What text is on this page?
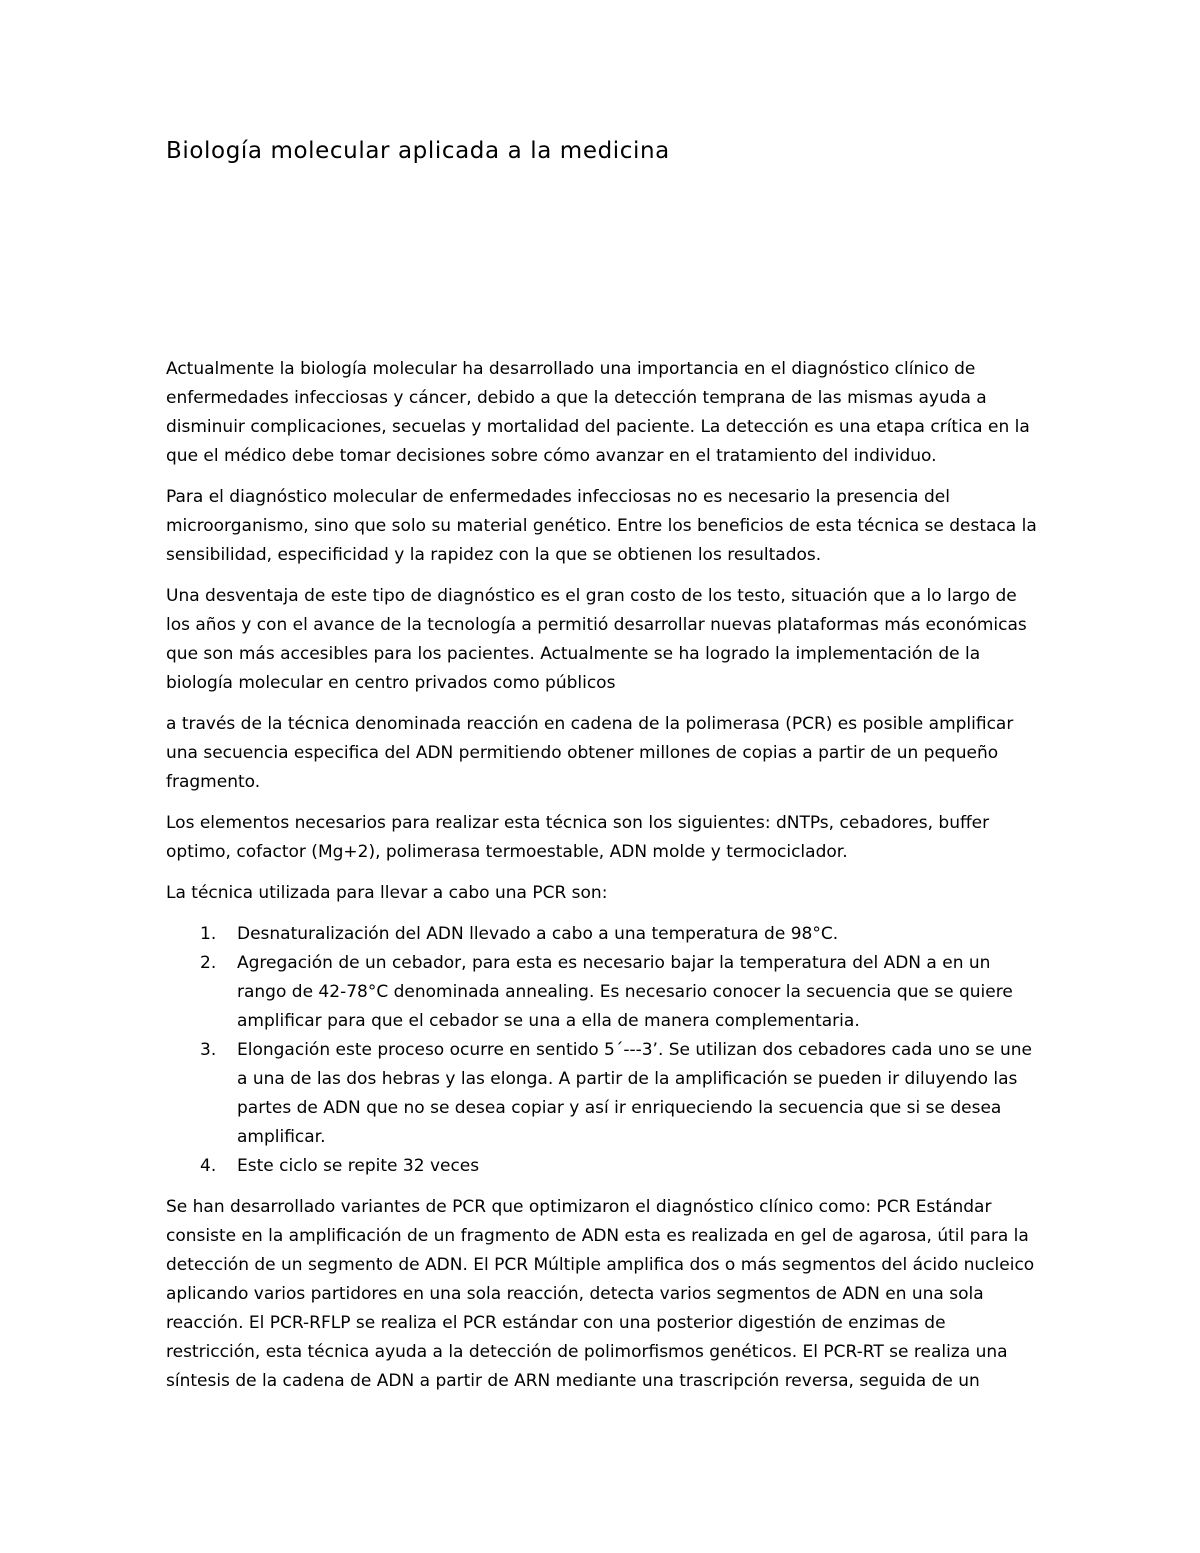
Biología molecular aplicada a la medicina

Actualmente la biología molecular ha desarrollado una importancia en el diagnóstico clínico de enfermedades infecciosas y cáncer, debido a que la detección temprana de las mismas ayuda a disminuir complicaciones, secuelas y mortalidad del paciente. La detección es una etapa crítica en la que el médico debe tomar decisiones sobre cómo avanzar en el tratamiento del individuo.

Para el diagnóstico molecular de enfermedades infecciosas no es necesario la presencia del microorganismo, sino que solo su material genético. Entre los beneficios de esta técnica se destaca la sensibilidad, especificidad y la rapidez con la que se obtienen los resultados.

Una desventaja de este tipo de diagnóstico es el gran costo de los testo, situación que a lo largo de los años y con el avance de la tecnología a permitió desarrollar nuevas plataformas más económicas que son más accesibles para los pacientes. Actualmente se ha logrado la implementación de la biología molecular en centro privados como públicos

a través de la técnica denominada reacción en cadena de la polimerasa (PCR) es posible amplificar una secuencia especifica del ADN permitiendo obtener millones de copias a partir de un pequeño fragmento.

Los elementos necesarios para realizar esta técnica son los siguientes: dNTPs, cebadores, buffer optimo, cofactor (Mg+2), polimerasa termoestable, ADN molde y termociclador.

La técnica utilizada para llevar a cabo una PCR son:

1.	Desnaturalización del ADN llevado a cabo a una temperatura de 98°C.
2.	Agregación de un cebador, para esta es necesario bajar la temperatura del ADN a en un rango de 42-78°C denominada annealing. Es necesario conocer la secuencia que se quiere amplificar para que el cebador se una a ella de manera complementaria.
3.	Elongación este proceso ocurre en sentido 5´---3’. Se utilizan dos cebadores cada uno se une a una de las dos hebras y las elonga. A partir de la amplificación se pueden ir diluyendo las partes de ADN que no se desea copiar y así ir enriqueciendo la secuencia que si se desea amplificar.
4.	Este ciclo se repite 32 veces

Se han desarrollado variantes de PCR que optimizaron el diagnóstico clínico como: PCR Estándar consiste en la amplificación de un fragmento de ADN esta es realizada en gel de agarosa, útil para la detección de un segmento de ADN. El PCR Múltiple amplifica dos o más segmentos del ácido nucleico aplicando varios partidores en una sola reacción, detecta varios segmentos de ADN en una sola reacción. El PCR-RFLP se realiza el PCR estándar con una posterior digestión de enzimas de restricción, esta técnica ayuda a la detección de polimorfismos genéticos. El PCR-RT se realiza una síntesis de la cadena de ADN a partir de ARN mediante una trascripción reversa, seguida de un
